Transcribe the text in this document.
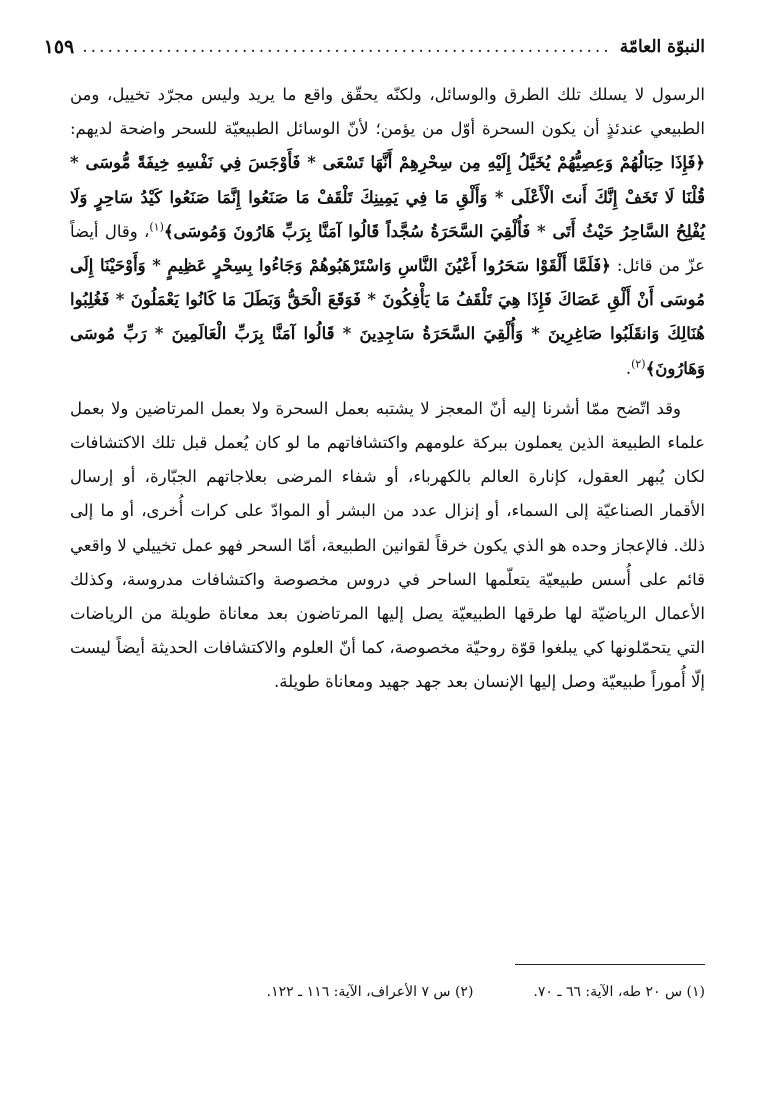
النبوّة العامّة
...............................................................
١٥٩

الرسول لا يسلك تلك الطرق والوسائل، ولكنّه يحقّق واقع ما يريد وليس مجرّد تخييل، ومن الطبيعي عندئذٍ أن يكون السحرة أوّل من يؤمن؛ لأنّ الوسائل الطبيعيّة للسحر واضحة لديهم: ﴿فَإِذَا حِبَالُهُمْ وَعِصِيُّهُمْ يُخَيَّلُ إِلَيْهِ مِن سِحْرِهِمْ أَنَّهَا تَسْعَى * فَأَوْجَسَ فِي نَفْسِهِ خِيفَةً مُّوسَى * قُلْنَا لَا تَخَفْ إِنَّكَ أَنتَ الْأَعْلَى * وَأَلْقِ مَا فِي يَمِينِكَ تَلْقَفْ مَا صَنَعُوا إِنَّمَا صَنَعُوا كَيْدُ سَاحِرٍ وَلَا يُفْلِحُ السَّاحِرُ حَيْثُ أَتَى * فَأُلْقِيَ السَّحَرَةُ سُجَّداً قَالُوا آمَنَّا بِرَبِّ هَارُونَ وَمُوسَى﴾$^{(١)}$، وقال أيضاً عزّ من قائل: ﴿فَلَمَّا أَلْقَوْا سَحَرُوا أَعْيُنَ النَّاسِ وَاسْتَرْهَبُوهُمْ وَجَاءُوا بِسِحْرٍ عَظِيمٍ * وَأَوْحَيْنَا إِلَى مُوسَى أَنْ أَلْقِ عَصَاكَ فَإِذَا هِيَ تَلْقَفُ مَا يَأْفِكُونَ * فَوَقَعَ الْحَقُّ وَبَطَلَ مَا كَانُوا يَعْمَلُونَ * فَغُلِبُوا هُنَالِكَ وَانقَلَبُوا صَاغِرِينَ * وَأُلْقِيَ السَّحَرَةُ سَاجِدِينَ * قَالُوا آمَنَّا بِرَبِّ الْعَالَمِينَ * رَبِّ مُوسَى وَهَارُونَ﴾$^{(٢)}$.

وقد اتّضح ممّا أشرنا إليه أنّ المعجز لا يشتبه بعمل السحرة ولا بعمل المرتاضين ولا بعمل علماء الطبيعة الذين يعملون ببركة علومهم واكتشافاتهم ما لو كان يُعمل قبل تلك الاكتشافات لكان يُبهر العقول، كإنارة العالم بالكهرباء، أو شفاء المرضى بعلاجاتهم الجبّارة، أو إرسال الأقمار الصناعيّة إلى السماء، أو إنزال عدد من البشر أو الموادّ على كرات أُخرى، أو ما إلى ذلك. فالإعجاز وحده هو الذي يكون خرقاً لقوانين الطبيعة، أمّا السحر فهو عمل تخييلي لا واقعي قائم على أُسس طبيعيّة يتعلّمها الساحر في دروس مخصوصة واكتشافات مدروسة، وكذلك الأعمال الرياضيّة لها طرقها الطبيعيّة يصل إليها المرتاضون بعد معاناة طويلة من الرياضات التي يتحمّلونها كي يبلغوا قوّة روحيّة مخصوصة، كما أنّ العلوم والاكتشافات الحديثة أيضاً ليست إلّا أُموراً طبيعيّة وصل إليها الإنسان بعد جهد جهيد ومعاناة طويلة.

(١) س ٢٠ طه، الآية: ٦٦ ـ ٧٠.
(٢) س ٧ الأعراف، الآية: ١١٦ ـ ١٢٢.
